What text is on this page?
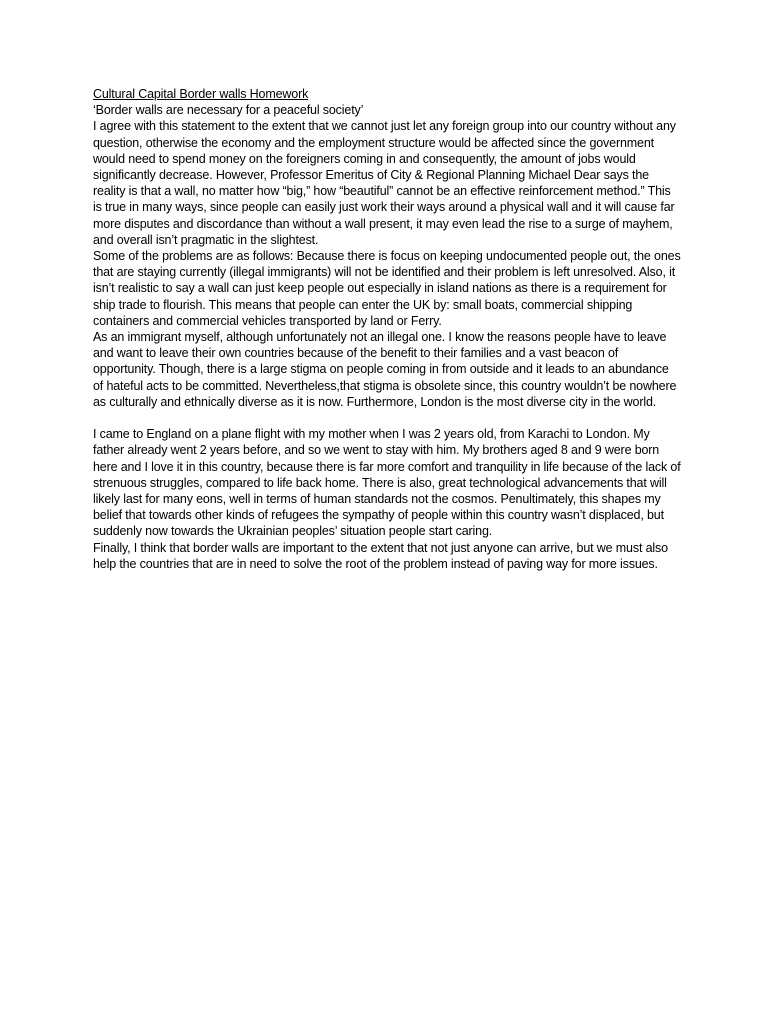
Cultural Capital Border walls Homework

‘Border walls are necessary for a peaceful society’

I agree with this statement to the extent that we cannot just let any foreign group into our country without any question, otherwise the economy and the employment structure would be affected since the government would need to spend money on the foreigners coming in and consequently, the amount of jobs would significantly decrease. However, Professor Emeritus of City & Regional Planning Michael Dear says the reality is that a wall, no matter how “big,” how “beautiful” cannot be an effective reinforcement method.” This is true in many ways, since people can easily just work their ways around a physical wall and it will cause far more disputes and discordance than without a wall present, it may even lead the rise to a surge of mayhem, and overall isn’t pragmatic in the slightest.

Some of the problems are as follows: Because there is focus on keeping undocumented people out, the ones that are staying currently (illegal immigrants) will not be identified and their problem is left unresolved. Also, it isn’t realistic to say a wall can just keep people out especially in island nations as there is a requirement for ship trade to flourish. This means that people can enter the UK by: small boats, commercial shipping containers and commercial vehicles transported by land or Ferry.

As an immigrant myself, although unfortunately not an illegal one. I know the reasons people have to leave and want to leave their own countries because of the benefit to their families and a vast beacon of opportunity. Though, there is a large stigma on people coming in from outside and it leads to an abundance of hateful acts to be committed. Nevertheless,that stigma is obsolete since, this country wouldn’t be nowhere as culturally and ethnically diverse as it is now. Furthermore, London is the most diverse city in the world.

I came to England on a plane flight with my mother when I was 2 years old, from Karachi to London. My father already went 2 years before, and so we went to stay with him. My brothers aged 8 and 9 were born here and I love it in this country, because there is far more comfort and tranquility in life because of the lack of strenuous struggles, compared to life back home. There is also, great technological advancements that will likely last for many eons, well in terms of human standards not the cosmos. Penultimately, this shapes my belief that towards other kinds of refugees the sympathy of people within this country wasn’t displaced, but suddenly now towards the Ukrainian peoples’ situation people start caring.

Finally, I think that border walls are important to the extent that not just anyone can arrive, but we must also help the countries that are in need to solve the root of the problem instead of paving way for more issues.
